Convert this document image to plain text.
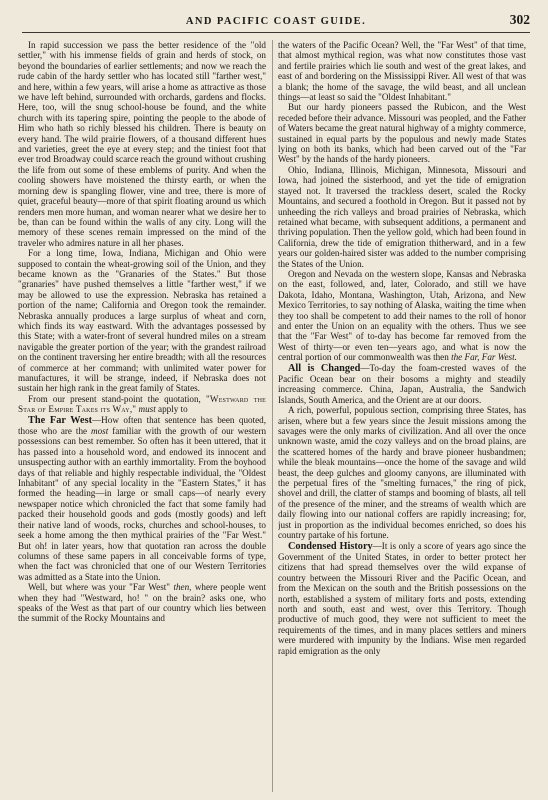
AND PACIFIC COAST GUIDE.	302

In rapid succession we pass the better residence of the "old settler," with his immense fields of grain and herds of stock, on beyond the boundaries of earlier settlements; and now we reach the rude cabin of the hardy settler who has located still "farther west," and here, within a few years, will arise a home as attractive as those we have left behind, surrounded with orchards, gardens and flocks. Here, too, will the snug school-house be found, and the white church with its tapering spire, pointing the people to the abode of Him who hath so richly blessed his children. There is beauty on every hand. The wild prairie flowers, of a thousand different hues and varieties, greet the eye at every step; and the tiniest foot that ever trod Broadway could scarce reach the ground without crushing the life from out some of these emblems of purity. And when the cooling showers have moistened the thirsty earth, or when the morning dew is spangling flower, vine and tree, there is more of quiet, graceful beauty—more of that spirit floating around us which renders men more human, and woman nearer what we desire her to be, than can be found within the walls of any city. Long will the memory of these scenes remain impressed on the mind of the traveler who admires nature in all her phases.

For a long time, Iowa, Indiana, Michigan and Ohio were supposed to contain the wheat-growing soil of the Union, and they became known as the "Granaries of the States." But those "granaries" have pushed themselves a little "farther west," if we may be allowed to use the expression. Nebraska has retained a portion of the name; California and Oregon took the remainder. Nebraska annually produces a large surplus of wheat and corn, which finds its way eastward. With the advantages possessed by this State; with a water-front of several hundred miles on a stream navigable the greater portion of the year; with the grandest railroad on the continent traversing her entire breadth; with all the resources of commerce at her command; with unlimited water power for manufactures, it will be strange, indeed, if Nebraska does not sustain her high rank in the great family of States.

From our present stand-point the quotation, "Westward the Star of Empire Takes its Way," must apply to

The Far West—How often that sentence has been quoted, those who are the most familiar with the growth of our western possessions can best remember. So often has it been uttered, that it has passed into a household word, and endowed its innocent and unsuspecting author with an earthly immortality. From the boyhood days of that reliable and highly respectable individual, the "Oldest Inhabitant" of any special locality in the "Eastern States," it has formed the heading—in large or small caps—of nearly every newspaper notice which chronicled the fact that some family had packed their household goods and gods (mostly goods) and left their native land of woods, rocks, churches and school-houses, to seek a home among the then mythical prairies of the "Far West." But oh! in later years, how that quotation ran across the double columns of these same papers in all conceivable forms of type, when the fact was chronicled that one of our Western Territories was admitted as a State into the Union.

Well, but where was your "Far West" then, where people went when they had "Westward, ho! " on the brain? asks one, who speaks of the West as that part of our country which lies between the summit of the Rocky Mountains and

the waters of the Pacific Ocean? Well, the "Far West" of that time, that almost mythical region, was what now constitutes those vast and fertile prairies which lie south and west of the great lakes, and east of and bordering on the Mississippi River. All west of that was a blank; the home of the savage, the wild beast, and all unclean things—at least so said the "Oldest Inhabitant."

But our hardy pioneers passed the Rubicon, and the West receded before their advance. Missouri was peopled, and the Father of Waters became the great natural highway of a mighty commerce, sustained in equal parts by the populous and newly made States lying on both its banks, which had been carved out of the "Far West" by the hands of the hardy pioneers.

Ohio, Indiana, Illinois, Michigan, Minnesota, Missouri and Iowa, had joined the sisterhood, and yet the tide of emigration stayed not. It traversed the trackless desert, scaled the Rocky Mountains, and secured a foothold in Oregon. But it passed not by unheeding the rich valleys and broad prairies of Nebraska, which retained what became, with subsequent additions, a permanent and thriving population. Then the yellow gold, which had been found in California, drew the tide of emigration thitherward, and in a few years our golden-haired sister was added to the number comprising the States of the Union.

Oregon and Nevada on the western slope, Kansas and Nebraska on the east, followed, and, later, Colorado, and still we have Dakota, Idaho, Montana, Washington, Utah, Arizona, and New Mexico Territories, to say nothing of Alaska, waiting the time when they too shall be competent to add their names to the roll of honor and enter the Union on an equality with the others. Thus we see that the "Far West" of to-day has become far removed from the West of thirty—or even ten—years ago, and what is now the central portion of our commonwealth was then the Far, Far West.

All is Changed—To-day the foam-crested waves of the Pacific Ocean bear on their bosoms a mighty and steadily increasing commerce. China, Japan, Australia, the Sandwich Islands, South America, and the Orient are at our doors.

A rich, powerful, populous section, comprising three States, has arisen, where but a few years since the Jesuit missions among the savages were the only marks of civilization. And all over the once unknown waste, amid the cozy valleys and on the broad plains, are the scattered homes of the hardy and brave pioneer husbandmen; while the bleak mountains—once the home of the savage and wild beast, the deep gulches and gloomy canyons, are illuminated with the perpetual fires of the "smelting furnaces," the ring of pick, shovel and drill, the clatter of stamps and booming of blasts, all tell of the presence of the miner, and the streams of wealth which are daily flowing into our national coffers are rapidly increasing; for, just in proportion as the individual becomes enriched, so does his country partake of his fortune.

Condensed History—It is only a score of years ago since the Government of the United States, in order to better protect her citizens that had spread themselves over the wild expanse of country between the Missouri River and the Pacific Ocean, and from the Mexican on the south and the British possessions on the north, established a system of military forts and posts, extending north and south, east and west, over this Territory. Though productive of much good, they were not sufficient to meet the requirements of the times, and in many places settlers and miners were murdered with impunity by the Indians. Wise men regarded rapid emigration as the only
